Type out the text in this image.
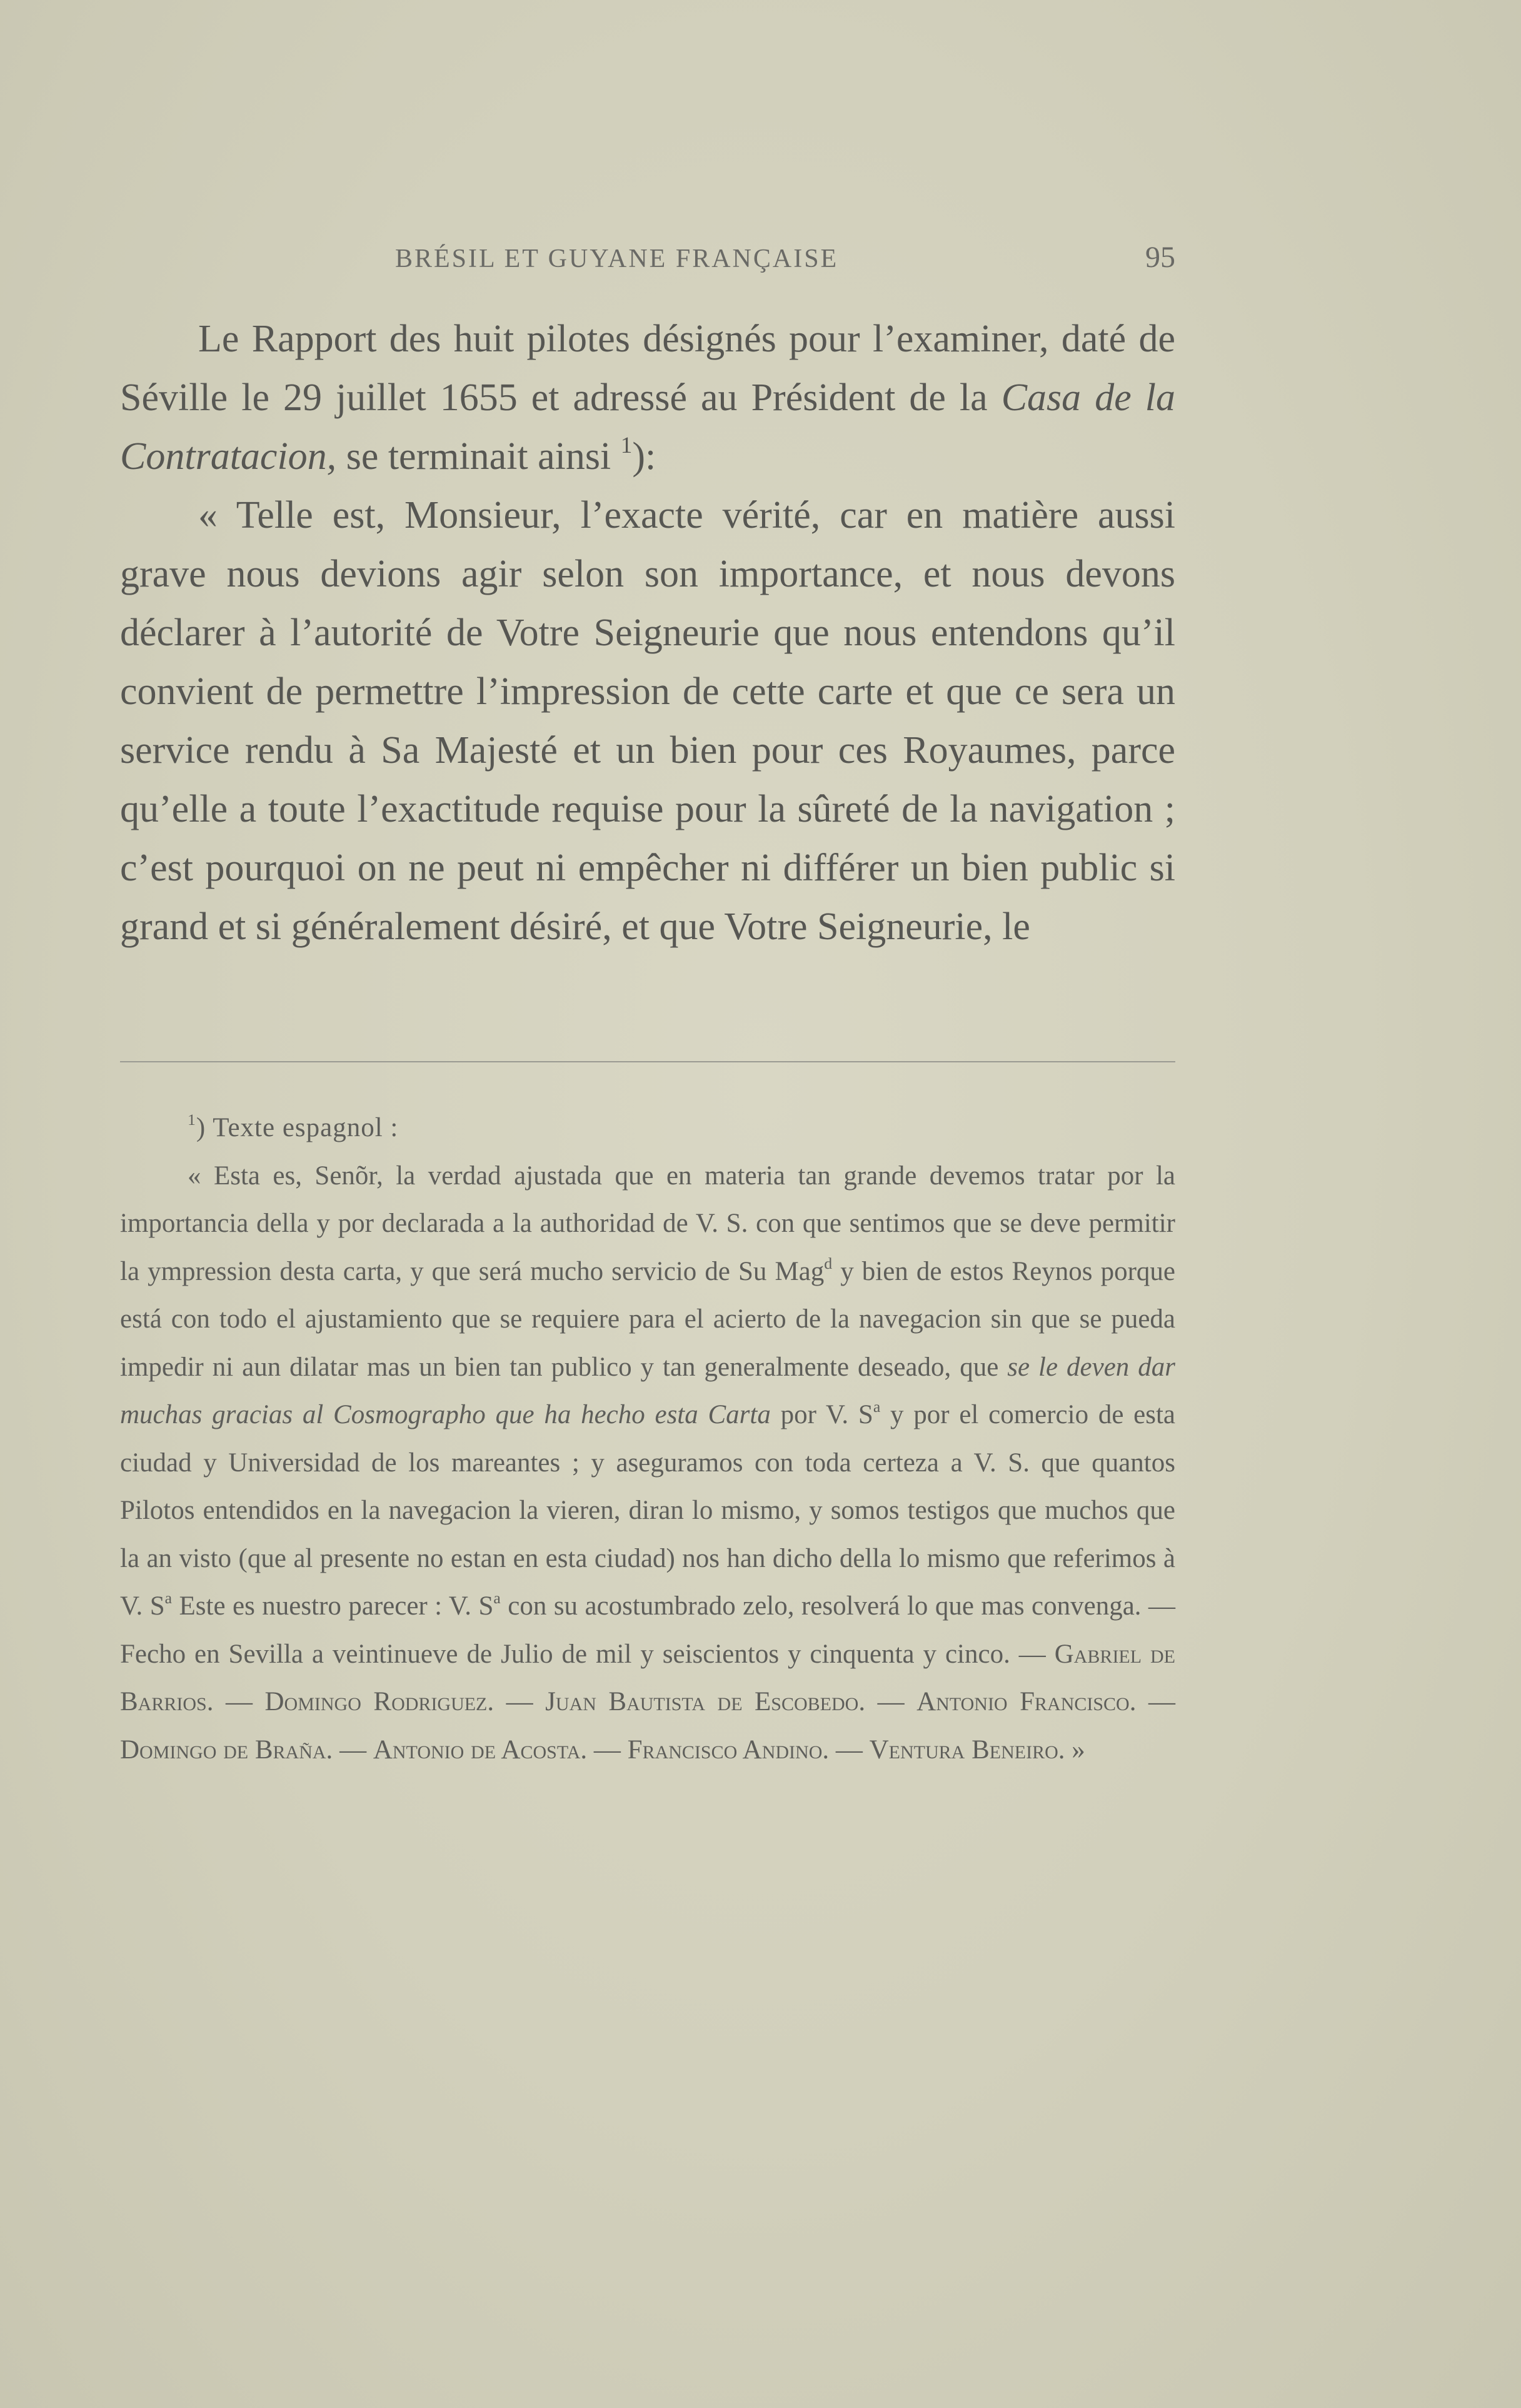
BRÉSIL ET GUYANE FRANÇAISE	95

Le Rapport des huit pilotes désignés pour l’examiner, daté de Séville le 29 juillet 1655 et adressé au Président de la Casa de la Contratacion, se terminait ainsi $^1$):

« Telle est, Monsieur, l’exacte vérité, car en matière aussi grave nous devions agir selon son importance, et nous devons déclarer à l’autorité de Votre Seigneurie que nous entendons qu’il convient de permettre l’impression de cette carte et que ce sera un service rendu à Sa Majesté et un bien pour ces Royaumes, parce qu’elle a toute l’exactitude requise pour la sûreté de la navigation ; c’est pourquoi on ne peut ni empêcher ni différer un bien public si grand et si généralement désiré, et que Votre Seigneurie, le

$^1$) Texte espagnol :

« Esta es, Senõr, la verdad ajustada que en materia tan grande devemos tratar por la importancia della y por declarada a la authoridad de V. S. con que sentimos que se deve permitir la ympression desta carta, y que será mucho servicio de Su Mag$^d$ y bien de estos Reynos porque está con todo el ajustamiento que se requiere para el acierto de la navegacion sin que se pueda impedir ni aun dilatar mas un bien tan publico y tan generalmente deseado, que se le deven dar muchas gracias al Cosmographo que ha hecho esta Carta por V. $S^a$ y por el comercio de esta ciudad y Universidad de los mareantes ; y aseguramos con toda certeza a V. S. que quantos Pilotos entendidos en la navegacion la vieren, diran lo mismo, y somos testigos que muchos que la an visto (que al presente no estan en esta ciudad) nos han dicho della lo mismo que referimos à V. $S^a$ Este es nuestro parecer : V. $S^a$ con su acostumbrado zelo, resolverá lo que mas convenga. — Fecho en Sevilla a veintinueve de Julio de mil y seiscientos y cinquenta y cinco. — Gabriel de Barrios. — Domingo Rodriguez. — Juan Bautista de Escobedo. — Antonio Francisco. — Domingo de Braña. — Antonio de Acosta. — Francisco Andino. — Ventura Beneiro. »
